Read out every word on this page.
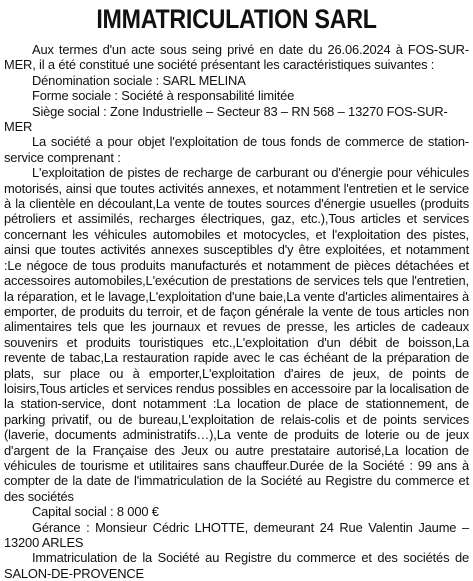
IMMATRICULATION SARL

Aux termes d'un acte sous seing privé en date du 26.06.2024 à FOS-SUR-MER, il a été constitué une société présentant les caractéristiques suivantes :

Dénomination sociale : SARL MELINA

Forme sociale : Société à responsabilité limitée

Siège social : Zone Industrielle – Secteur 83 – RN 568 – 13270 FOS-SUR-MER

La société a pour objet l'exploitation de tous fonds de commerce de station-service comprenant :

L'exploitation de pistes de recharge de carburant ou d'énergie pour véhicules motorisés, ainsi que toutes activités annexes, et notamment l'entretien et le service à la clientèle en découlant,La vente de toutes sources d'énergie usuelles (produits pétroliers et assimilés, recharges électriques, gaz, etc.),Tous articles et services concernant les véhicules automobiles et motocycles, et l'exploitation des pistes, ainsi que toutes activités annexes susceptibles d'y être exploitées, et notamment :Le négoce de tous produits manufacturés et notamment de pièces détachées et accessoires automobiles,L'exécution de prestations de services tels que l'entretien, la réparation, et le lavage,L'exploitation d'une baie,La vente d'articles alimentaires à emporter, de produits du terroir, et de façon générale la vente de tous articles non alimentaires tels que les journaux et revues de presse, les articles de cadeaux souvenirs et produits touristiques etc.,L'exploitation d'un débit de boisson,La revente de tabac,La restauration rapide avec le cas échéant de la préparation de plats, sur place ou à emporter,L'exploitation d'aires de jeux, de points de loisirs,Tous articles et services rendus possibles en accessoire par la localisation de la station-service, dont notamment :La location de place de stationnement, de parking privatif, ou de bureau,L'exploitation de relais-colis et de points services (laverie, documents administratifs…),La vente de produits de loterie ou de jeux d'argent de la Française des Jeux ou autre prestataire autorisé,La location de véhicules de tourisme et utilitaires sans chauffeur.Durée de la Société : 99 ans à compter de la date de l'immatriculation de la Société au Registre du commerce et des sociétés

Capital social : 8 000 €

Gérance : Monsieur Cédric LHOTTE, demeurant 24 Rue Valentin Jaume – 13200 ARLES

Immatriculation de la Société au Registre du commerce et des sociétés de SALON-DE-PROVENCE
